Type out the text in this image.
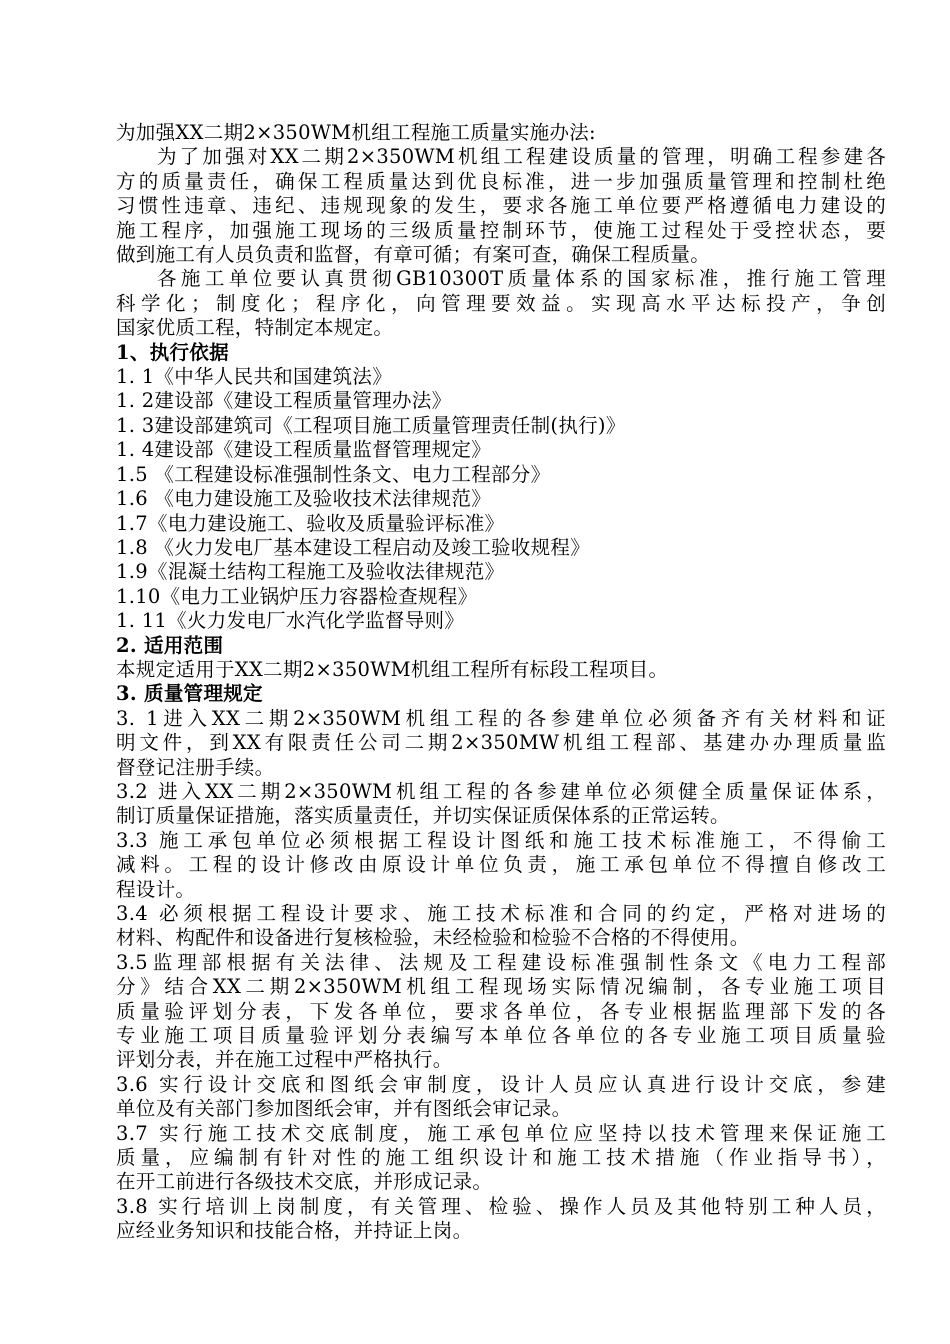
为加强XX二期2×350WM机组工程施工质量实施办法:

为了加强对XX二期2×350WM机组工程建设质量的管理，明确工程参建各

方的质量责任，确保工程质量达到优良标准，进一步加强质量管理和控制杜绝

习惯性违章、违纪、违规现象的发生，要求各施工单位要严格遵循电力建设的

施工程序，加强施工现场的三级质量控制环节，使施工过程处于受控状态，要

做到施工有人员负责和监督，有章可循；有案可查，确保工程质量。

各施工单位要认真贯彻GB10300T质量体系的国家标准，推行施工管理

科学化；制度化；程序化，向管理要效益。实现高水平达标投产，争创

国家优质工程，特制定本规定。

1、执行依据

1. 1《中华人民共和国建筑法》

1. 2建设部《建设工程质量管理办法》

1. 3建设部建筑司《工程项目施工质量管理责任制(执行)》

1. 4建设部《建设工程质量监督管理规定》

1.5 《工程建设标准强制性条文、电力工程部分》

1.6 《电力建设施工及验收技术法律规范》

1.7《电力建设施工、验收及质量验评标准》

1.8 《火力发电厂基本建设工程启动及竣工验收规程》

1.9《混凝土结构工程施工及验收法律规范》

1.10《电力工业锅炉压力容器检查规程》

1. 11《火力发电厂水汽化学监督导则》

2. 适用范围

本规定适用于XX二期2×350WM机组工程所有标段工程项目。

3. 质量管理规定

3. 1进入XX二期2×350WM机组工程的各参建单位必须备齐有关材料和证

明文件，到XX有限责任公司二期2×350MW机组工程部、基建办办理质量监

督登记注册手续。

3.2 进入XX二期2×350WM机组工程的各参建单位必须健全质量保证体系，

制订质量保证措施，落实质量责任，并切实保证质保体系的正常运转。

3.3 施工承包单位必须根据工程设计图纸和施工技术标准施工，不得偷工

减料。工程的设计修改由原设计单位负责，施工承包单位不得擅自修改工

程设计。

3.4 必须根据工程设计要求、施工技术标准和合同的约定，严格对进场的

材料、构配件和设备进行复核检验，未经检验和检验不合格的不得使用。

3.5监理部根据有关法律、法规及工程建设标准强制性条文《电力工程部

分》结合XX二期2×350WM机组工程现场实际情况编制，各专业施工项目

质量验评划分表，下发各单位，要求各单位，各专业根据监理部下发的各

专业施工项目质量验评划分表编写本单位各单位的各专业施工项目质量验

评划分表，并在施工过程中严格执行。

3.6 实行设计交底和图纸会审制度，设计人员应认真进行设计交底，参建

单位及有关部门参加图纸会审，并有图纸会审记录。

3.7 实行施工技术交底制度，施工承包单位应坚持以技术管理来保证施工

质量，应编制有针对性的施工组织设计和施工技术措施（作业指导书），

在开工前进行各级技术交底，并形成记录。

3.8 实行培训上岗制度，有关管理、检验、操作人员及其他特别工种人员，

应经业务知识和技能合格，并持证上岗。
